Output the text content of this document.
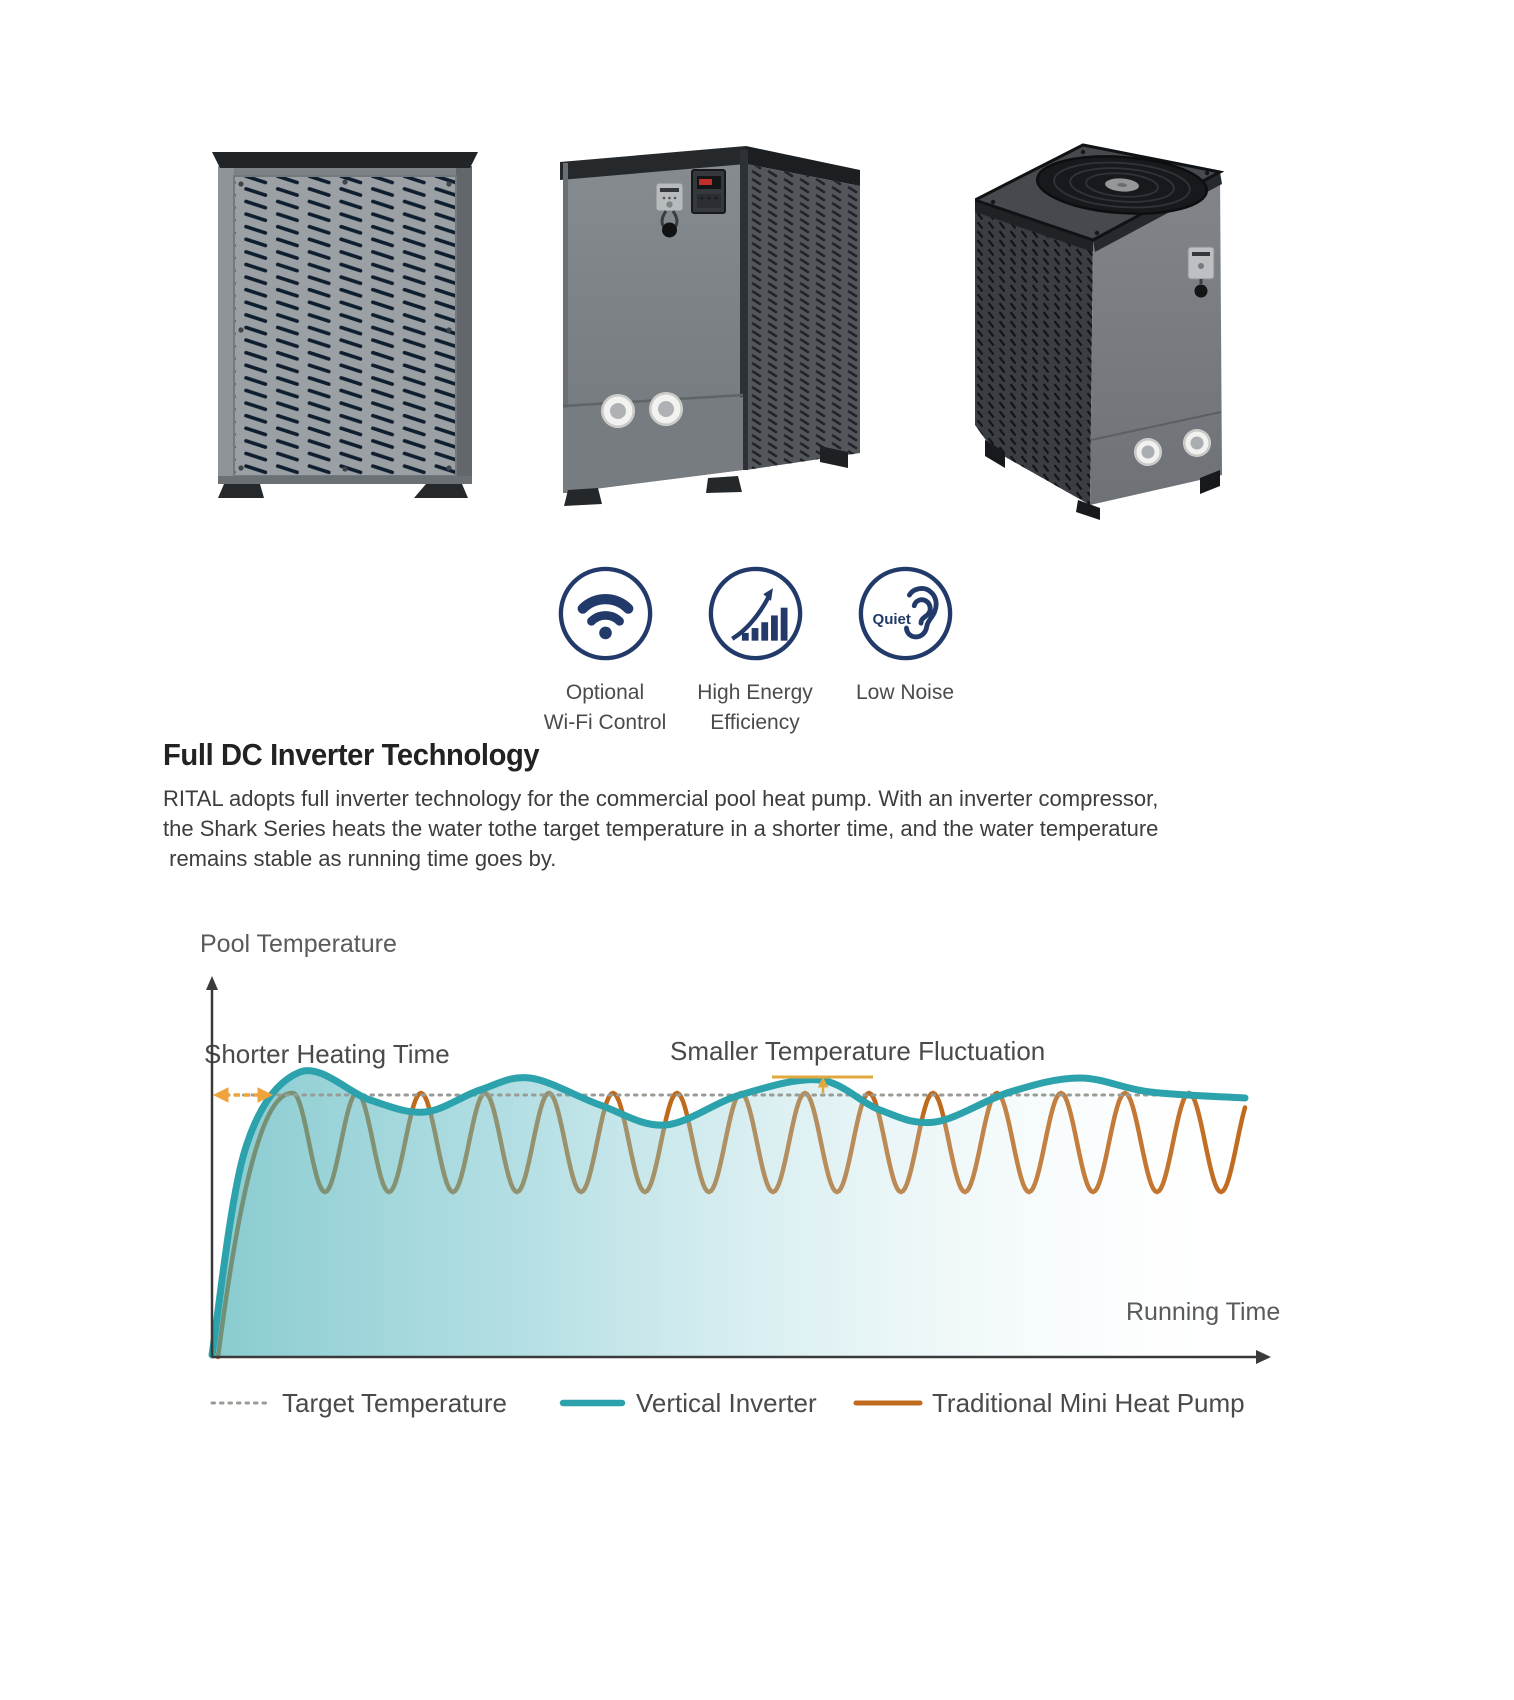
Optional
Wi-Fi Control
High Energy
Efficiency
Quiet
Low Noise
Full DC Inverter Technology
RITAL adopts full inverter technology for the commercial pool heat pump. With an inverter compressor,
the Shark Series heats the water tothe target temperature in a shorter time, and the water temperature
remains stable as running time goes by.
Pool Temperature
Shorter Heating Time	Smaller Temperature Fluctuation
Running Time
Target Temperature	Vertical Inverter	Traditional Mini Heat Pump
